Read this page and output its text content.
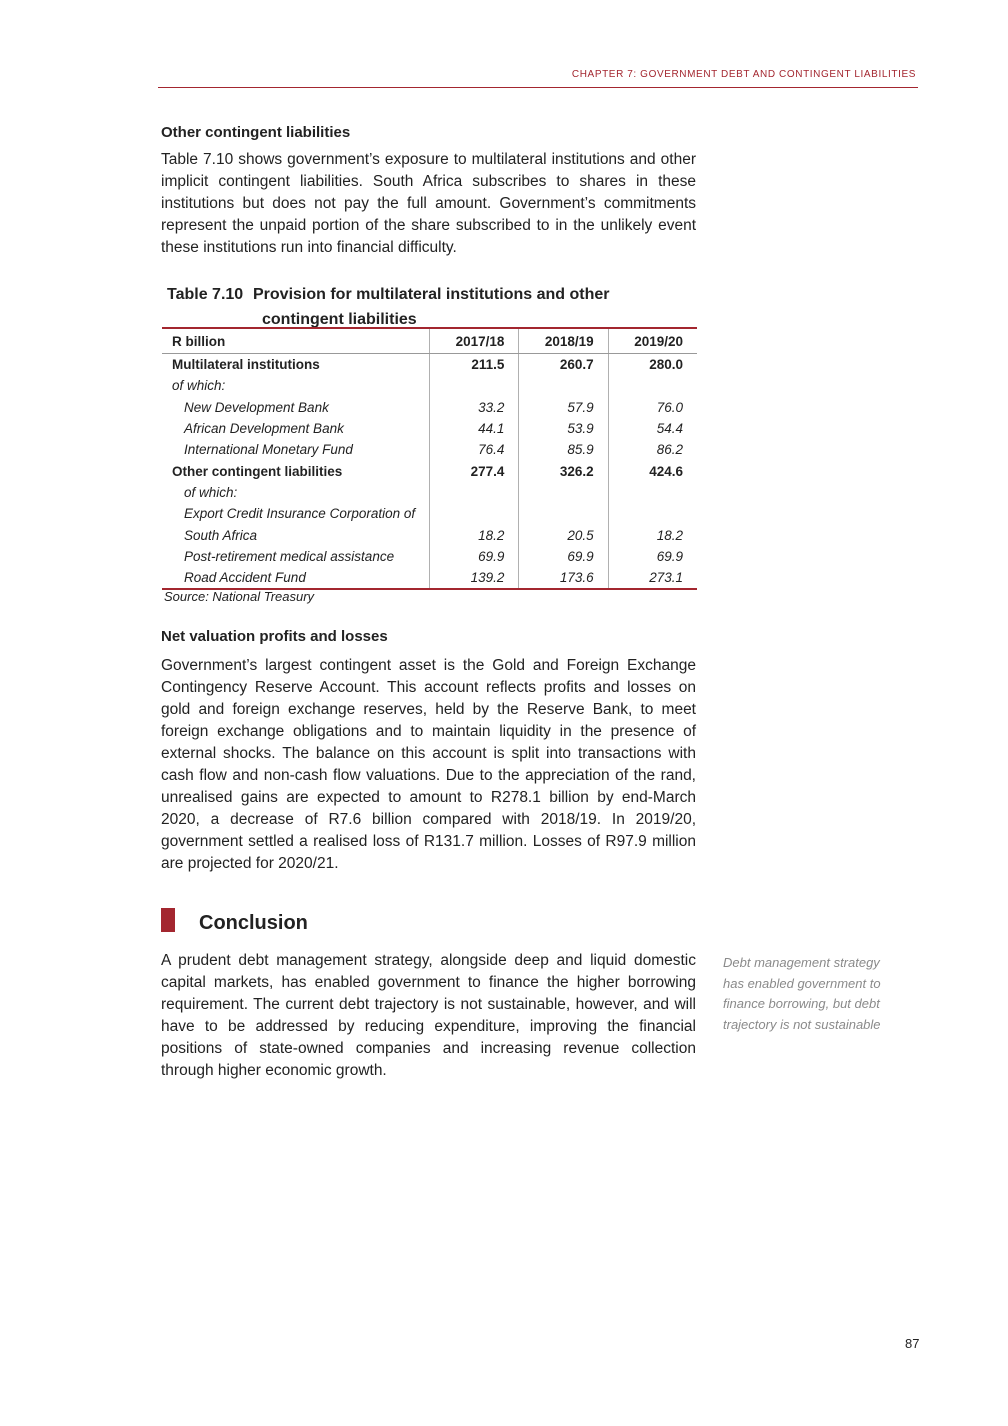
CHAPTER 7: GOVERNMENT DEBT AND CONTINGENT LIABILITIES
Other contingent liabilities

Table 7.10 shows government’s exposure to multilateral institutions and other implicit contingent liabilities. South Africa subscribes to shares in these institutions but does not pay the full amount. Government’s commitments represent the unpaid portion of the share subscribed to in the unlikely event these institutions run into financial difficulty.

Table 7.10 Provision for multilateral institutions and other
contingent liabilities
R billion	2017/18	2018/19	2019/20
Multilateral institutions	211.5	260.7	280.0
of which:			
New Development Bank	33.2	57.9	76.0
African Development Bank	44.1	53.9	54.4
International Monetary Fund	76.4	85.9	86.2
Other contingent liabilities	277.4	326.2	424.6
of which:			
Export Credit Insurance Corporation of			
South Africa	18.2	20.5	18.2
Post-retirement medical assistance	69.9	69.9	69.9
Road Accident Fund	139.2	173.6	273.1
Source: National Treasury
Net valuation profits and losses

Government’s largest contingent asset is the Gold and Foreign Exchange Contingency Reserve Account. This account reflects profits and losses on gold and foreign exchange reserves, held by the Reserve Bank, to meet foreign exchange obligations and to maintain liquidity in the presence of external shocks. The balance on this account is split into transactions with cash flow and non-cash flow valuations. Due to the appreciation of the rand, unrealised gains are expected to amount to R278.1 billion by end-March 2020, a decrease of R7.6 billion compared with 2018/19. In 2019/20, government settled a realised loss of R131.7 million. Losses of R97.9 million are projected for 2020/21.

Conclusion

A prudent debt management strategy, alongside deep and liquid domestic capital markets, has enabled government to finance the higher borrowing requirement. The current debt trajectory is not sustainable, however, and will have to be addressed by reducing expenditure, improving the financial positions of state-owned companies and increasing revenue collection through higher economic growth.

Debt management strategy has enabled government to finance borrowing, but debt trajectory is not sustainable
87
